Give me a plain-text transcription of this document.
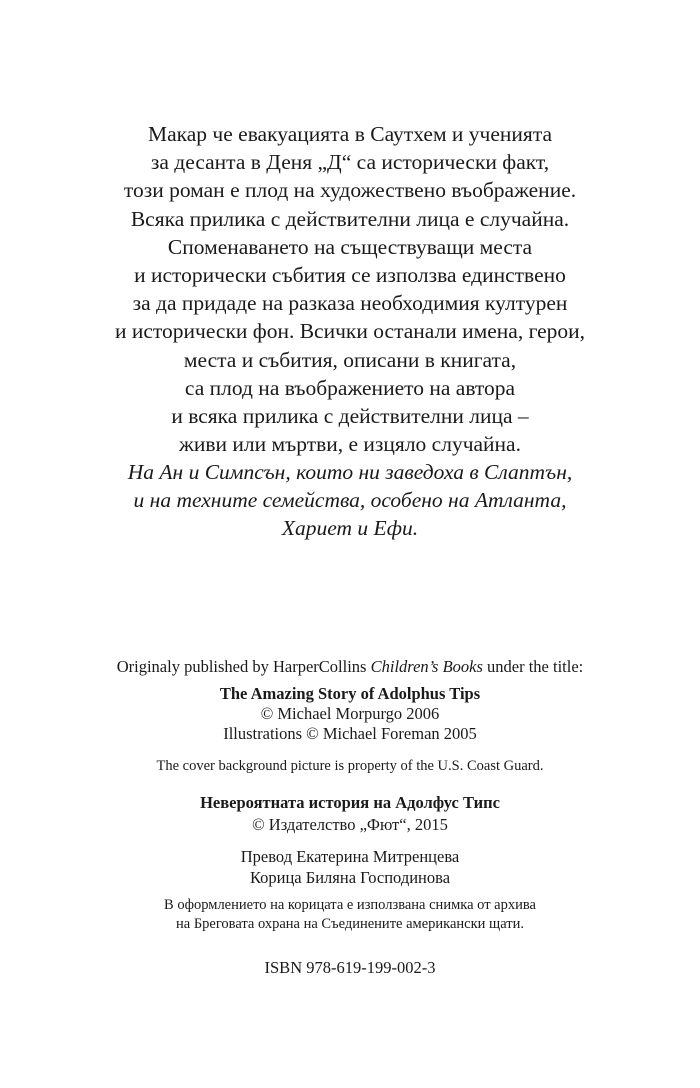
Макар че евакуацията в Саутхем и ученията
за десанта в Деня „Д“ са исторически факт,
този роман е плод на художествено въображение.
Всяка прилика с действителни лица е случайна.
Споменаването на съществуващи места
и исторически събития се използва единствено
за да придаде на разказа необходимия културен
и исторически фон. Всички останали имена, герои,
места и събития, описани в книгата,
са плод на въображението на автора
и всяка прилика с действителни лица –
живи или мъртви, е изцяло случайна.
На Ан и Симпсън, които ни заведоха в Слаптън,
и на техните семейства, особено на Атланта,
Хариет и Ефи.
Originaly published by HarperCollins Children’s Books under the title:
The Amazing Story of Adolphus Tips
© Michael Morpurgo 2006
Illustrations © Michael Foreman 2005
The cover background picture is property of the U.S. Coast Guard.
Невероятната история на Адолфус Типс
© Издателство „Фют“, 2015
Превод Екатерина Митренцева
Корица Биляна Господинова
В оформлението на корицата е използвана снимка от архива
на Бреговата охрана на Съединените американски щати.
ISBN 978-619-199-002-3
